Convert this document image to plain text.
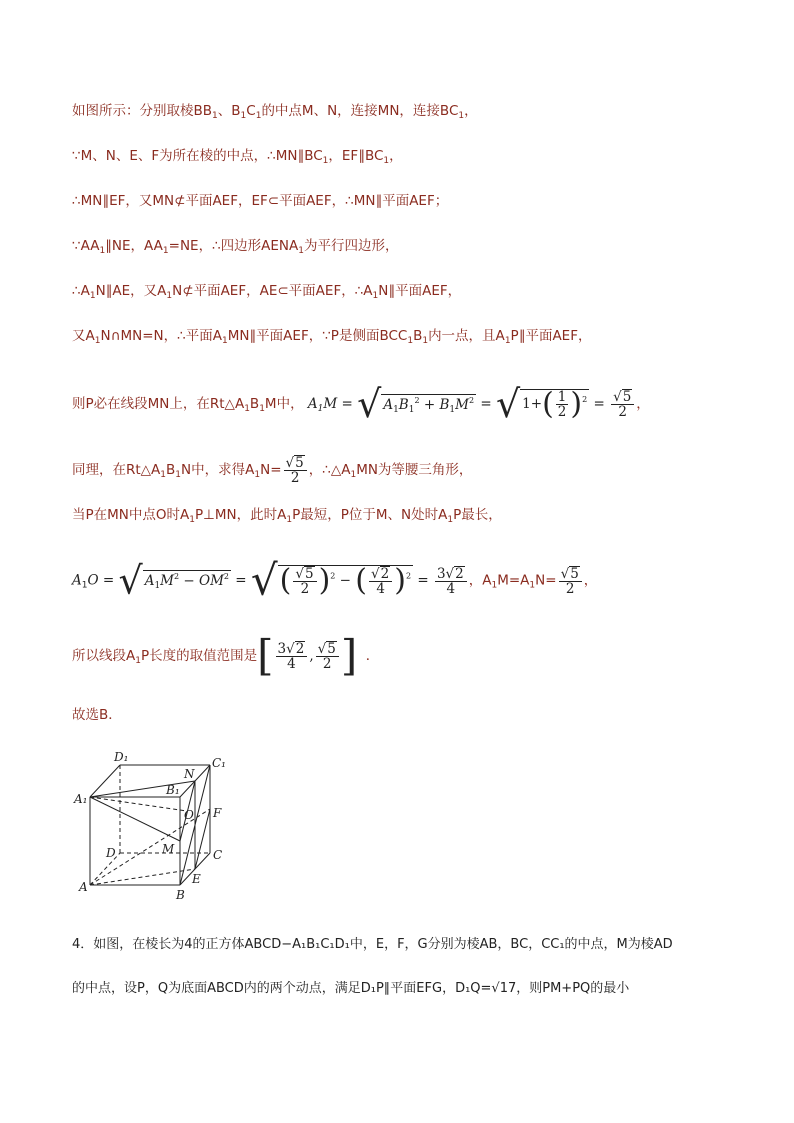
如图所示：分别取棱$BB_1$、$B_1C_1$的中点M、N，连接MN，连接$BC_1$，

∵M、N、E、F为所在棱的中点，$\therefore MN\parallel BC_1$，$EF\parallel BC_1$，

∴MN∥EF，又MN⊄平面AEF，EF⊂平面AEF，∴MN∥平面AEF；

$\because AA_1\parallel NE$，$AA_1=NE$，∴四边形$AENA_1$为平行四边形，

$\therefore A_1N\parallel AE$，又$A_1N⊄$平面AEF，AE⊂平面AEF，$\therefore A_1N\parallel$平面AEF，

又$A_1N\cap MN=N$，∴平面$A_1MN\parallel$平面AEF，∵P是侧面$BCC_1B_1$内一点，且$A_1P\parallel$平面AEF，

则P必在线段MN上，在$Rt\triangle A_1B_1M$中， $A_1M$ = √ $A_1B_1^2 + B_1M^2$ = √ $1+( \frac{1}{2} )^2 = \frac{√5}{2}$ ，

同理，在$Rt\triangle A_1B_1N$中，求得$A_1N= \frac{√5}{2}$ ，$\therefore\triangle A_1MN$为等腰三角形，

当P在MN中点O时$A_1P\perp MN$，此时$A_1P$最短，P位于M、N处时$A_1P$最长，

$A_1O$ = √ $A_1M^2 - OM^2$ = √( $\frac{√5}{2} )^2$ − ( $\frac{√2}{4} )^2 = \frac{3√2}{4}$ ，$A_1M=A_1N= \frac{√5}{2}$ ，

所以线段$A_1P$长度的取值范围是[ $\frac{3√2}{4}$ , $\frac{√5}{2}$ ]  ．

故选B．

D₁	C₁
N
B₁
A₁
O F
D	M	C
A
E
B

4．如图，在棱长为4的正方体ABCD−A₁B₁C₁D₁中，E，F，G分别为棱AB，BC，CC₁的中点，M为棱AD

的中点，设P，Q为底面ABCD内的两个动点，满足D₁P∥平面EFG，D₁Q=√17，则PM+PQ的最小
